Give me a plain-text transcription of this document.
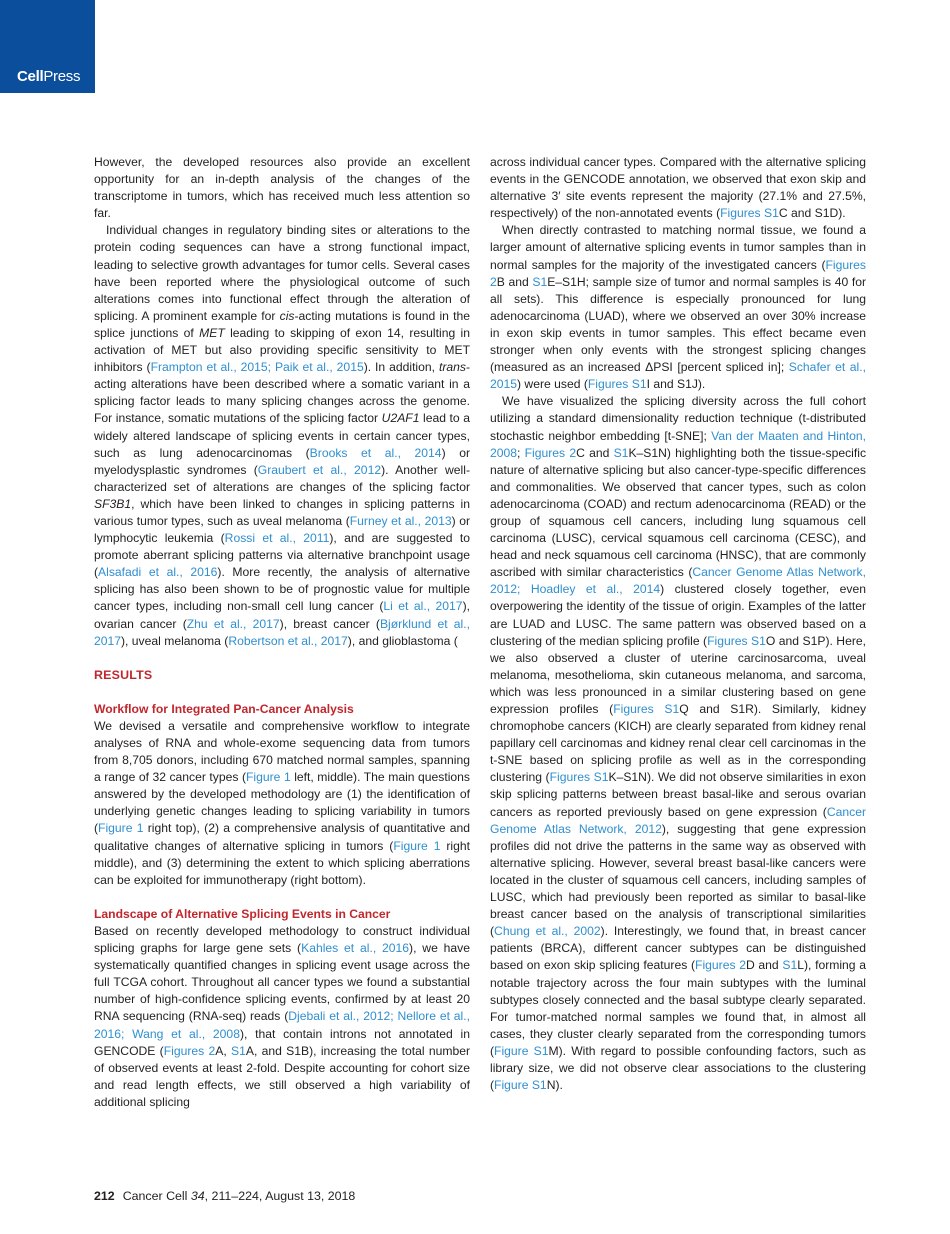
CellPress

However, the developed resources also provide an excellent opportunity for an in-depth analysis of the changes of the transcriptome in tumors, which has received much less attention so far.

Individual changes in regulatory binding sites or alterations to the protein coding sequences can have a strong functional impact, leading to selective growth advantages for tumor cells. Several cases have been reported where the physiological outcome of such alterations comes into functional effect through the alteration of splicing. A prominent example for cis-acting mutations is found in the splice junctions of MET leading to skipping of exon 14, resulting in activation of MET but also providing specific sensitivity to MET inhibitors (Frampton et al., 2015; Paik et al., 2015). In addition, trans-acting alterations have been described where a somatic variant in a splicing factor leads to many splicing changes across the genome. For instance, somatic mutations of the splicing factor U2AF1 lead to a widely altered landscape of splicing events in certain cancer types, such as lung adenocarcinomas (Brooks et al., 2014) or myelodysplastic syndromes (Graubert et al., 2012). Another well-characterized set of alterations are changes of the splicing factor SF3B1, which have been linked to changes in splicing patterns in various tumor types, such as uveal melanoma (Furney et al., 2013) or lymphocytic leukemia (Rossi et al., 2011), and are suggested to promote aberrant splicing patterns via alternative branchpoint usage (Alsafadi et al., 2016). More recently, the analysis of alternative splicing has also been shown to be of prognostic value for multiple cancer types, including non-small cell lung cancer (Li et al., 2017), ovarian cancer (Zhu et al., 2017), breast cancer (Bjørklund et al., 2017), uveal melanoma (Robertson et al., 2017), and glioblastoma (

RESULTS
Workflow for Integrated Pan-Cancer Analysis

We devised a versatile and comprehensive workflow to integrate analyses of RNA and whole-exome sequencing data from tumors from 8,705 donors, including 670 matched normal samples, spanning a range of 32 cancer types (Figure 1 left, middle). The main questions answered by the developed methodology are (1) the identification of underlying genetic changes leading to splicing variability in tumors (Figure 1 right top), (2) a comprehensive analysis of quantitative and qualitative changes of alternative splicing in tumors (Figure 1 right middle), and (3) determining the extent to which splicing aberrations can be exploited for immunotherapy (right bottom).

Landscape of Alternative Splicing Events in Cancer

Based on recently developed methodology to construct individual splicing graphs for large gene sets (Kahles et al., 2016), we have systematically quantified changes in splicing event usage across the full TCGA cohort. Throughout all cancer types we found a substantial number of high-confidence splicing events, confirmed by at least 20 RNA sequencing (RNA-seq) reads (Djebali et al., 2012; Nellore et al., 2016; Wang et al., 2008), that contain introns not annotated in GENCODE (Figures 2A, S1A, and S1B), increasing the total number of observed events at least 2-fold. Despite accounting for cohort size and read length effects, we still observed a high variability of additional splicing

across individual cancer types. Compared with the alternative splicing events in the GENCODE annotation, we observed that exon skip and alternative 3′ site events represent the majority (27.1% and 27.5%, respectively) of the non-annotated events (Figures S1C and S1D).

When directly contrasted to matching normal tissue, we found a larger amount of alternative splicing events in tumor samples than in normal samples for the majority of the investigated cancers (Figures 2B and S1E–S1H; sample size of tumor and normal samples is 40 for all sets). This difference is especially pronounced for lung adenocarcinoma (LUAD), where we observed an over 30% increase in exon skip events in tumor samples. This effect became even stronger when only events with the strongest splicing changes (measured as an increased ΔPSI [percent spliced in]; Schafer et al., 2015) were used (Figures S1I and S1J).

We have visualized the splicing diversity across the full cohort utilizing a standard dimensionality reduction technique (t-distributed stochastic neighbor embedding [t-SNE]; Van der Maaten and Hinton, 2008; Figures 2C and S1K–S1N) highlighting both the tissue-specific nature of alternative splicing but also cancer-type-specific differences and commonalities. We observed that cancer types, such as colon adenocarcinoma (COAD) and rectum adenocarcinoma (READ) or the group of squamous cell cancers, including lung squamous cell carcinoma (LUSC), cervical squamous cell carcinoma (CESC), and head and neck squamous cell carcinoma (HNSC), that are commonly ascribed with similar characteristics (Cancer Genome Atlas Network, 2012; Hoadley et al., 2014) clustered closely together, even overpowering the identity of the tissue of origin. Examples of the latter are LUAD and LUSC. The same pattern was observed based on a clustering of the median splicing profile (Figures S1O and S1P). Here, we also observed a cluster of uterine carcinosarcoma, uveal melanoma, mesothelioma, skin cutaneous melanoma, and sarcoma, which was less pronounced in a similar clustering based on gene expression profiles (Figures S1Q and S1R). Similarly, kidney chromophobe cancers (KICH) are clearly separated from kidney renal papillary cell carcinomas and kidney renal clear cell carcinomas in the t-SNE based on splicing profile as well as in the corresponding clustering (Figures S1K–S1N). We did not observe similarities in exon skip splicing patterns between breast basal-like and serous ovarian cancers as reported previously based on gene expression (Cancer Genome Atlas Network, 2012), suggesting that gene expression profiles did not drive the patterns in the same way as observed with alternative splicing. However, several breast basal-like cancers were located in the cluster of squamous cell cancers, including samples of LUSC, which had previously been reported as similar to basal-like breast cancer based on the analysis of transcriptional similarities (Chung et al., 2002). Interestingly, we found that, in breast cancer patients (BRCA), different cancer subtypes can be distinguished based on exon skip splicing features (Figures 2D and S1L), forming a notable trajectory across the four main subtypes with the luminal subtypes closely connected and the basal subtype clearly separated. For tumor-matched normal samples we found that, in almost all cases, they cluster clearly separated from the corresponding tumors (Figure S1M). With regard to possible confounding factors, such as library size, we did not observe clear associations to the clustering (Figure S1N).

212 Cancer Cell 34, 211–224, August 13, 2018
